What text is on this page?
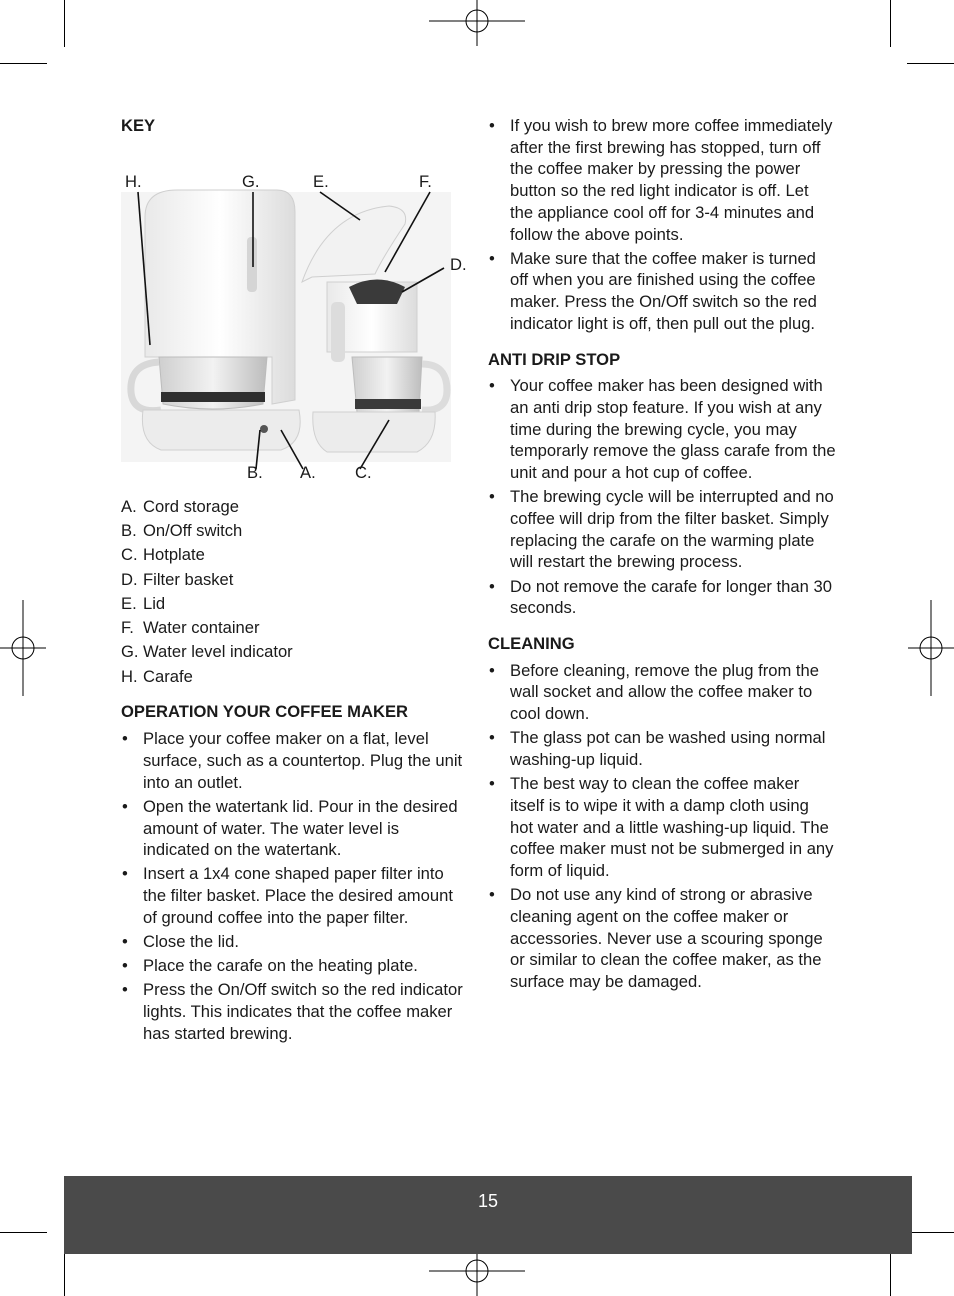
KEY
H.	G.	E.	F.
D.
B. A. C.
A. Cord storage
B. On/Off switch
C. Hotplate
D. Filter basket
E. Lid
F. Water container
G. Water level indicator
H. Carafe
OPERATION YOUR COFFEE MAKER
• Place your coffee maker on a flat, level surface, such as a countertop. Plug the unit into an outlet.
• Open the watertank lid. Pour in the desired amount of water. The water level is indicated on the watertank.
• Insert a 1x4 cone shaped paper filter into the filter basket. Place the desired amount of ground coffee into the paper filter.
• Close the lid.
• Place the carafe on the heating plate.
• Press the On/Off switch so the red indicator lights. This indicates that the coffee maker has started brewing.
• If you wish to brew more coffee immediately after the first brewing has stopped, turn off the coffee maker by pressing the power button so the red light indicator is off. Let the appliance cool off for 3-4 minutes and follow the above points.
• Make sure that the coffee maker is turned off when you are finished using the coffee maker. Press the On/Off switch so the red indicator light is off, then pull out the plug.
ANTI DRIP STOP
• Your coffee maker has been designed with an anti drip stop feature. If you wish at any time during the brewing cycle, you may temporarly remove the glass carafe from the unit and pour a hot cup of coffee.
• The brewing cycle will be interrupted and no coffee will drip from the filter basket. Simply replacing the carafe on the warming plate will restart the brewing process.
• Do not remove the carafe for longer than 30 seconds.
CLEANING
• Before cleaning, remove the plug from the wall socket and allow the coffee maker to cool down.
• The glass pot can be washed using normal washing-up liquid.
• The best way to clean the coffee maker itself is to wipe it with a damp cloth using hot water and a little washing-up liquid. The coffee maker must not be submerged in any form of liquid.
• Do not use any kind of strong or abrasive cleaning agent on the coffee maker or accessories. Never use a scouring sponge or similar to clean the coffee maker, as the surface may be damaged.
15
